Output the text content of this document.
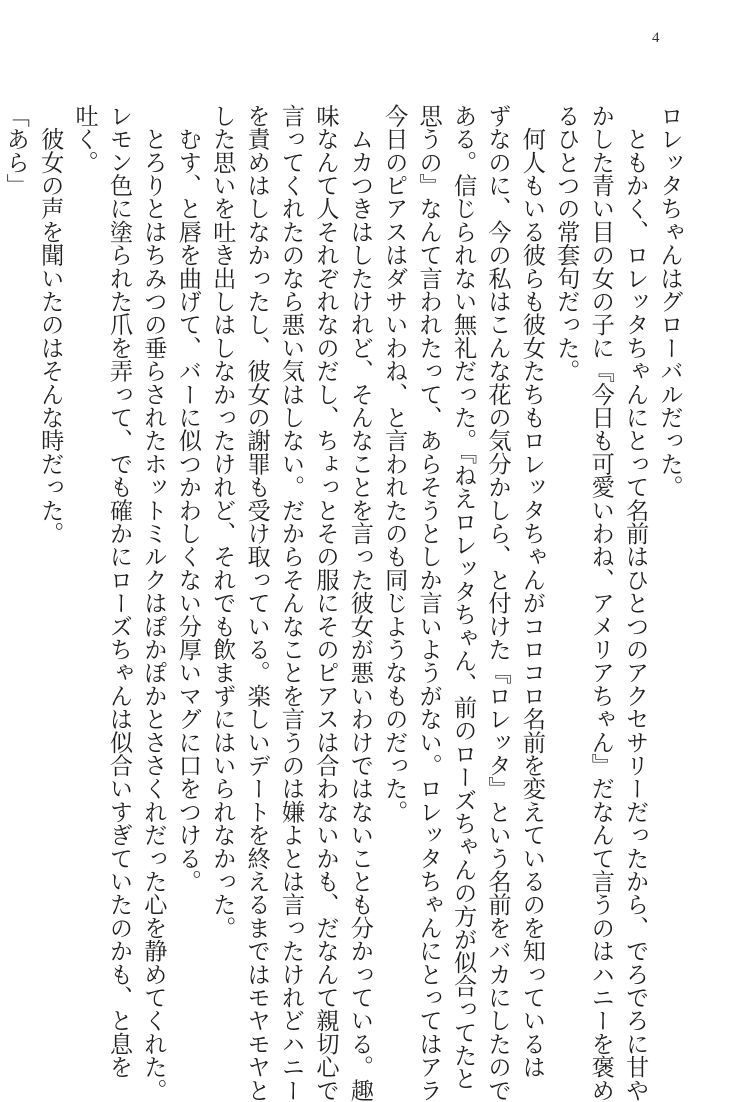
4

ロレッタちゃんはグローバルだった。

　ともかく、ロレッタちゃんにとって名前はひとつのアクセサリーだったから、でろでろに甘や

かした青い目の女の子に『今日も可愛いわね、アメリアちゃん』だなんて言うのはハニーを褒め

るひとつの常套句だった。

　何人もいる彼らも彼女たちもロレッタちゃんがコロコロ名前を変えているのを知っているは

ずなのに、今の私はこんな花の気分かしら、と付けた『ロレッタ』という名前をバカにしたので

ある。信じられない無礼だった。『ねえロレッタちゃん、前のローズちゃんの方が似合ってたと

思うの』なんて言われたって、あらそうとしか言いようがない。ロレッタちゃんにとってはアラ

今日のピアスはダサいわね、と言われたのも同じようなものだった。

　ムカつきはしたけれど、そんなことを言った彼女が悪いわけではないことも分かっている。趣

味なんて人それぞれなのだし、ちょっとその服にそのピアスは合わないかも、だなんて親切心で

言ってくれたのなら悪い気はしない。だからそんなことを言うのは嫌よとは言ったけれどハニー

を責めはしなかったし、彼女の謝罪も受け取っている。楽しいデートを終えるまではモヤモヤと

した思いを吐き出しはしなかったけれど、それでも飲まずにはいられなかった。

　むす、と唇を曲げて、バーに似つかわしくない分厚いマグに口をつける。

　とろりとはちみつの垂らされたホットミルクはぽかぽかとささくれだった心を静めてくれた。

レモン色に塗られた爪を弄って、でも確かにローズちゃんは似合いすぎていたのかも、と息を

吐く。

　彼女の声を聞いたのはそんな時だった。

「あら」
